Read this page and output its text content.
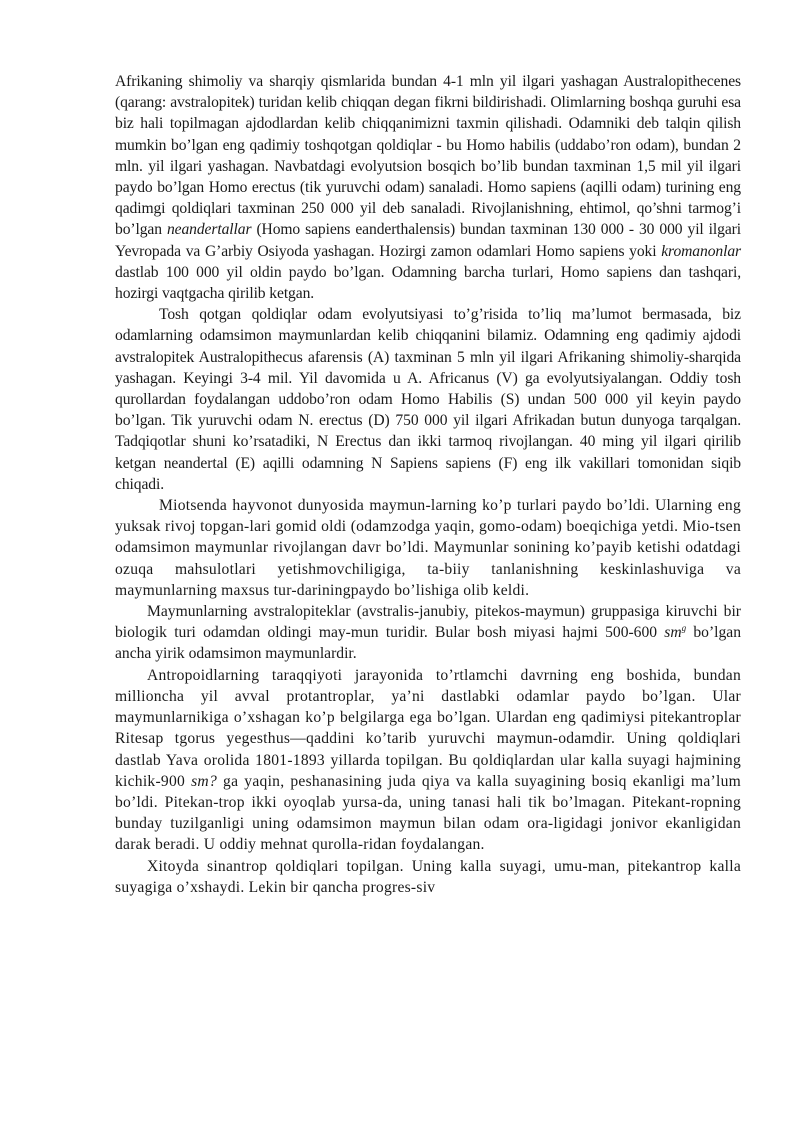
Afrikaning shimoliy va sharqiy qismlarida bundan 4-1 mln yil ilgari yashagan Australopithecenes (qarang: avstralopitek) turidan kelib chiqqan degan fikrni bildirishadi. Olimlarning boshqa guruhi esa biz hali topilmagan ajdodlardan kelib chiqqanimizni taxmin qilishadi. Odamniki deb talqin qilish mumkin bo’lgan eng qadimiy toshqotgan qoldiqlar - bu Homo habilis (uddabo’ron odam), bundan 2 mln. yil ilgari yashagan. Navbatdagi evolyutsion bosqich bo’lib bundan taxminan 1,5 mil yil ilgari paydo bo’lgan Homo erectus (tik yuruvchi odam) sanaladi. Homo sapiens (aqilli odam) turining eng qadimgi qoldiqlari taxminan 250 000 yil deb sanaladi. Rivojlanishning, ehtimol, qo’shni tarmog’i bo’lgan neandertallar (Homo sapiens eanderthalensis) bundan taxminan 130 000 - 30 000 yil ilgari Yevropada va G’arbiy Osiyoda yashagan. Hozirgi zamon odamlari Homo sapiens yoki kromanonlar dastlab 100 000 yil oldin paydo bo’lgan. Odamning barcha turlari, Homo sapiens dan tashqari, hozirgi vaqtgacha qirilib ketgan.

Tosh qotgan qoldiqlar odam evolyutsiyasi to’g’risida to’liq ma’lumot bermasada, biz odamlarning odamsimon maymunlardan kelib chiqqanini bilamiz. Odamning eng qadimiy ajdodi avstralopitek Australopithecus afarensis (A) taxminan 5 mln yil ilgari Afrikaning shimoliy-sharqida yashagan. Keyingi 3-4 mil. Yil davomida u A. Africanus (V) ga evolyutsiyalangan. Oddiy tosh qurollardan foydalangan uddobo’ron odam Homo Habilis (S) undan 500 000 yil keyin paydo bo’lgan. Tik yuruvchi odam N. erectus (D) 750 000 yil ilgari Afrikadan butun dunyoga tarqalgan. Tadqiqotlar shuni ko’rsatadiki, N Erectus dan ikki tarmoq rivojlangan. 40 ming yil ilgari qirilib ketgan neandertal (E) aqilli odamning N Sapiens sapiens (F) eng ilk vakillari tomonidan siqib chiqadi.

Miotsenda hayvonot dunyosida maymun-larning ko’p turlari paydo bo’ldi. Ularning eng yuksak rivoj topgan-lari gomid oldi (odamzodga yaqin, gomo-odam) boeqichiga yetdi. Mio-tsen odamsimon maymunlar rivojlangan davr bo’ldi. Maymunlar sonining ko’payib ketishi odatdagi ozuqa mahsulotlari yetishmovchiligiga, ta-biiy tanlanishning keskinlashuviga va maymunlarning maxsus tur-dariningpaydo bo’lishiga olib keldi.

Maymunlarning avstralopiteklar (avstralis-janubiy, pitekos-maymun) gruppasiga kiruvchi bir biologik turi odamdan oldingi may-mun turidir. Bular bosh miyasi hajmi 500-600 $sm^g$ bo’lgan ancha yirik odamsimon maymunlardir.

Antropoidlarning taraqqiyoti jarayonida to’rtlamchi davrning eng boshida, bundan millioncha yil avval protantroplar, ya’ni dastlabki odamlar paydo bo’lgan. Ular maymunlarnikiga o’xshagan ko’p belgilarga ega bo’lgan. Ulardan eng qadimiysi pitekantroplar Ritesap tgorus yegesthus—qaddini ko’tarib yuruvchi maymun-odamdir. Uning qoldiqlari dastlab Yava orolida 1801-1893 yillarda topilgan. Bu qoldiqlardan ular kalla suyagi hajmining kichik-900 sm? ga yaqin, peshanasining juda qiya va kalla suyagining bosiq ekanligi ma’lum bo’ldi. Pitekan-trop ikki oyoqlab yursa-da, uning tanasi hali tik bo’lmagan. Pitekant-ropning bunday tuzilganligi uning odamsimon maymun bilan odam ora-ligidagi jonivor ekanligidan darak beradi. U oddiy mehnat qurolla-ridan foydalangan.

Xitoyda sinantrop qoldiqlari topilgan. Uning kalla suyagi, umu-man, pitekantrop kalla suyagiga o’xshaydi. Lekin bir qancha progres-siv
